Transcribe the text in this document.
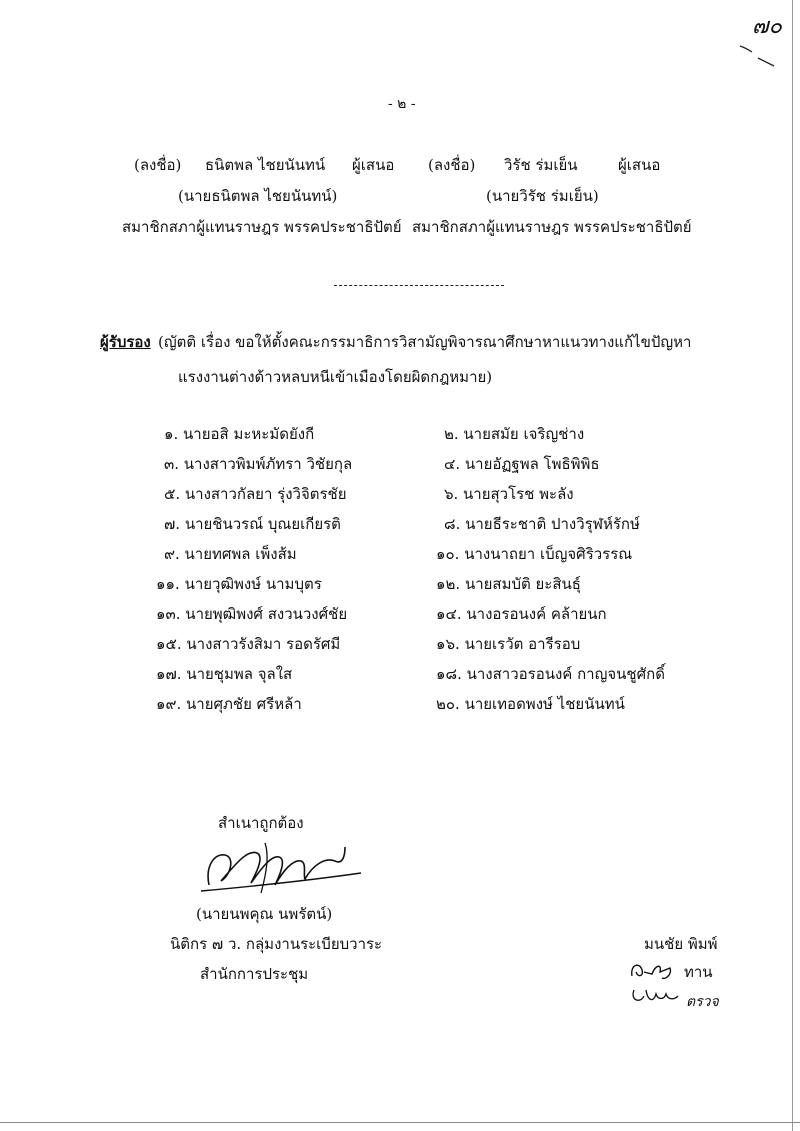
๗๐
- ๒ -
(ลงชื่อ) ธนิตพล ไชยนันทน์ ผู้เสนอ (ลงชื่อ) วิรัช ร่มเย็น	ผู้เสนอ
(นายธนิตพล ไชยนันทน์)	(นายวิรัช ร่มเย็น)
สมาชิกสภาผู้แทนราษฎร พรรคประชาธิปัตย์ สมาชิกสภาผู้แทนราษฎร พรรคประชาธิปัตย์
ผู้รับรอง (ญัตติ เรื่อง ขอให้ตั้งคณะกรรมาธิการวิสามัญพิจารณาศึกษาหาแนวทางแก้ไขปัญหา
แรงงานต่างด้าวหลบหนีเข้าเมืองโดยผิดกฎหมาย)
๑. นายอสิ มะหะมัดยังกี	๒. นายสมัย เจริญช่าง
๓. นางสาวพิมพ์ภัทรา วิชัยกุล	๔. นายอัฏฐพล โพธิพิพิธ
๕. นางสาวกัลยา รุ่งวิจิตรชัย	๖. นายสุวโรช พะลัง
๗. นายชินวรณ์ บุณยเกียรติ	๘. นายธีระชาติ ปางวิรุฬห์รักษ์
๙. นายทศพล เพ็งส้ม	๑๐. นางนาถยา เบ็ญจศิริวรรณ
๑๑. นายวุฒิพงษ์ นามบุตร	๑๒. นายสมบัติ ยะสินธุ์
๑๓. นายพุฒิพงศ์ สงวนวงศ์ชัย	๑๔. นางอรอนงค์ คล้ายนก
๑๕. นางสาวรังสิมา รอดรัศมี	๑๖. นายเรวัต อารีรอบ
๑๗. นายชุมพล จุลใส	๑๘. นางสาวอรอนงค์ กาญจนชูศักดิ์
๑๙. นายศุภชัย ศรีหล้า	๒๐. นายเทอดพงษ์ ไชยนันทน์
สำเนาถูกต้อง
(นายนพคุณ นพรัตน์)
นิติกร ๗ ว. กลุ่มงานระเบียบวาระ
สำนักการประชุม
มนชัย พิมพ์
ทาน
ตรวจ
